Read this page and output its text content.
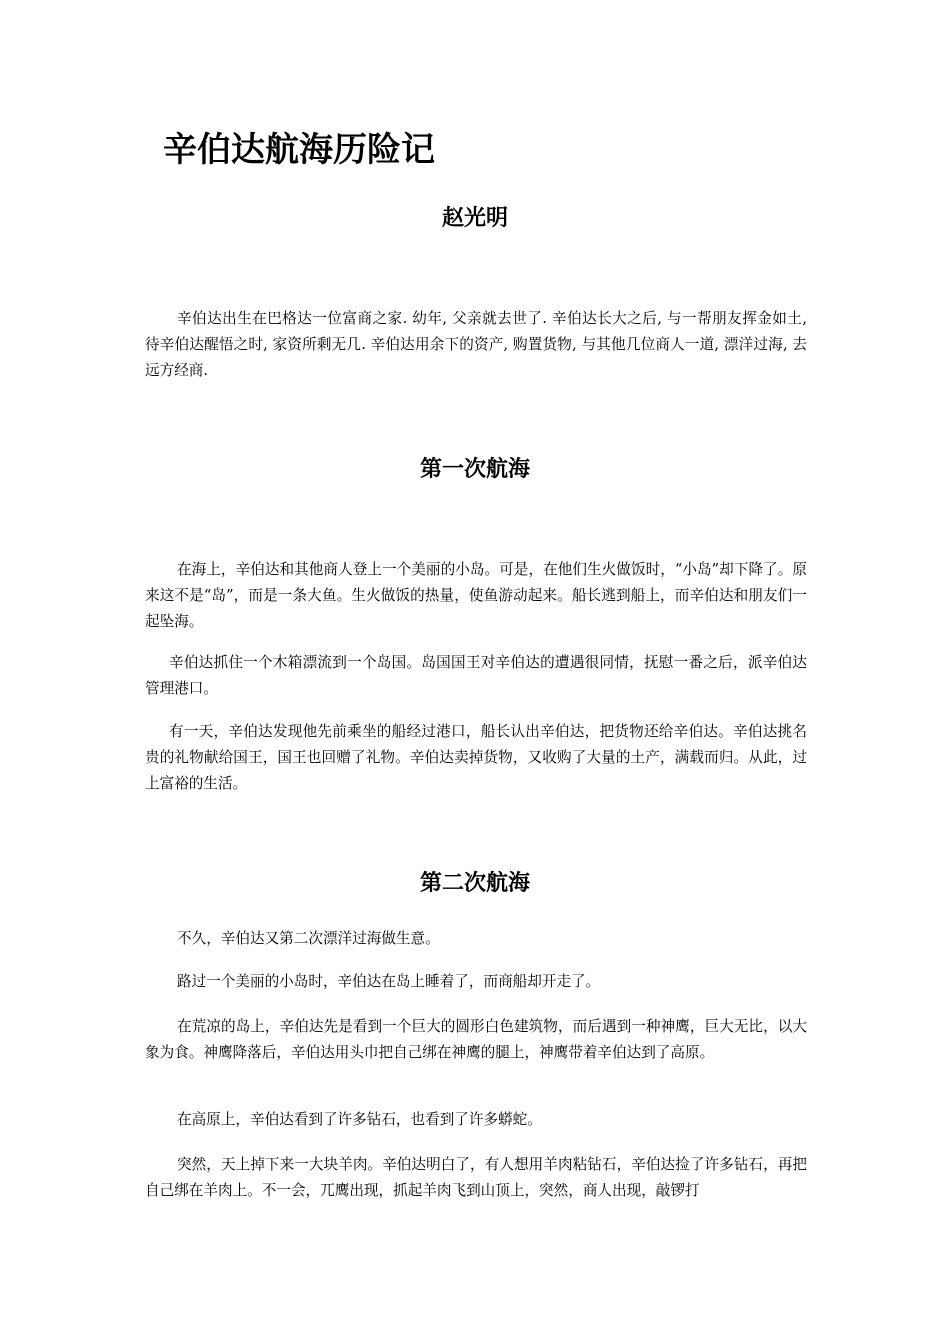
辛伯达航海历险记
赵光明

辛伯达出生在巴格达一位富商之家. 幼年, 父亲就去世了. 辛伯达长大之后, 与一帮朋友挥金如土, 待辛伯达醒悟之时, 家资所剩无几. 辛伯达用余下的资产, 购置货物, 与其他几位商人一道, 漂洋过海, 去远方经商.

第一次航海

在海上，辛伯达和其他商人登上一个美丽的小岛。可是，在他们生火做饭时，“小岛”却下降了。原来这不是“岛”，而是一条大鱼。生火做饭的热量，使鱼游动起来。船长逃到船上，而辛伯达和朋友们一起坠海。

辛伯达抓住一个木箱漂流到一个岛国。岛国国王对辛伯达的遭遇很同情，抚慰一番之后，派辛伯达管理港口。

有一天，辛伯达发现他先前乘坐的船经过港口，船长认出辛伯达，把货物还给辛伯达。辛伯达挑名贵的礼物献给国王，国王也回赠了礼物。辛伯达卖掉货物，又收购了大量的土产，满载而归。从此，过上富裕的生活。

第二次航海

不久，辛伯达又第二次漂洋过海做生意。

路过一个美丽的小岛时，辛伯达在岛上睡着了，而商船却开走了。

在荒凉的岛上，辛伯达先是看到一个巨大的圆形白色建筑物，而后遇到一种神鹰，巨大无比，以大象为食。神鹰降落后，辛伯达用头巾把自己绑在神鹰的腿上，神鹰带着辛伯达到了高原。

在高原上，辛伯达看到了许多钻石，也看到了许多蟒蛇。

突然，天上掉下来一大块羊肉。辛伯达明白了，有人想用羊肉粘钻石，辛伯达捡了许多钻石，再把自己绑在羊肉上。不一会，兀鹰出现，抓起羊肉飞到山顶上，突然，商人出现，敲锣打
